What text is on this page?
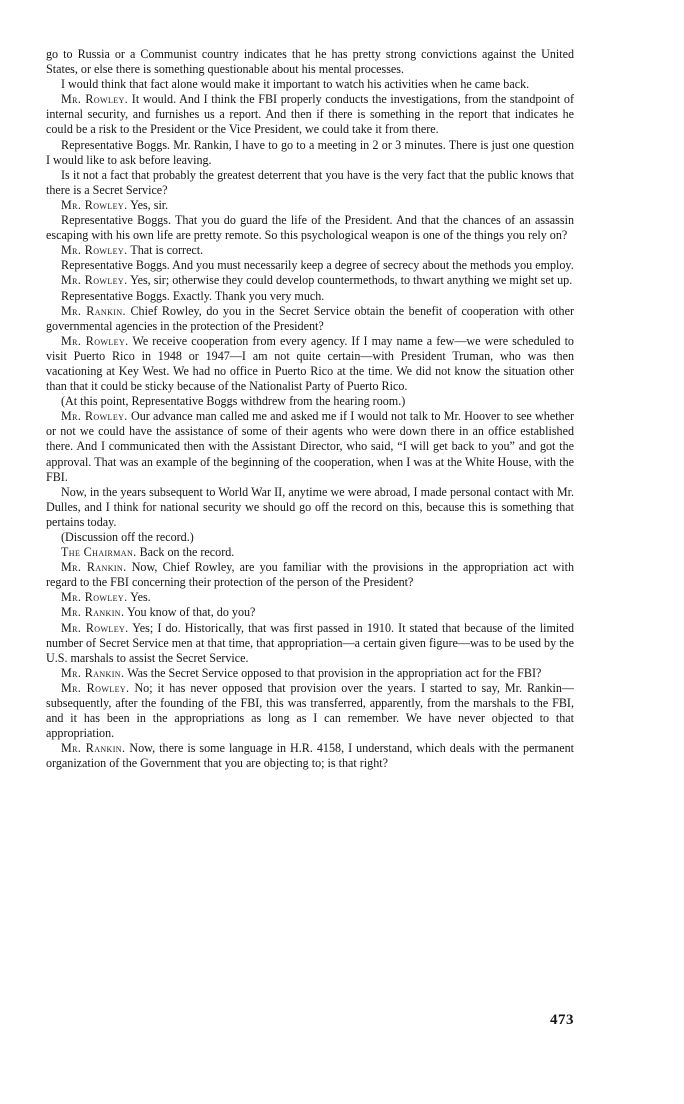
go to Russia or a Communist country indicates that he has pretty strong convictions against the United States, or else there is something questionable about his mental processes.

I would think that fact alone would make it important to watch his activities when he came back.

Mr. Rowley. It would. And I think the FBI properly conducts the investigations, from the standpoint of internal security, and furnishes us a report. And then if there is something in the report that indicates he could be a risk to the President or the Vice President, we could take it from there.

Representative Boggs. Mr. Rankin, I have to go to a meeting in 2 or 3 minutes. There is just one question I would like to ask before leaving.

Is it not a fact that probably the greatest deterrent that you have is the very fact that the public knows that there is a Secret Service?

Mr. Rowley. Yes, sir.

Representative Boggs. That you do guard the life of the President. And that the chances of an assassin escaping with his own life are pretty remote. So this psychological weapon is one of the things you rely on?

Mr. Rowley. That is correct.

Representative Boggs. And you must necessarily keep a degree of secrecy about the methods you employ.

Mr. Rowley. Yes, sir; otherwise they could develop countermethods, to thwart anything we might set up.

Representative Boggs. Exactly. Thank you very much.

Mr. Rankin. Chief Rowley, do you in the Secret Service obtain the benefit of cooperation with other governmental agencies in the protection of the President?

Mr. Rowley. We receive cooperation from every agency. If I may name a few—we were scheduled to visit Puerto Rico in 1948 or 1947—I am not quite certain—with President Truman, who was then vacationing at Key West. We had no office in Puerto Rico at the time. We did not know the situation other than that it could be sticky because of the Nationalist Party of Puerto Rico.

(At this point, Representative Boggs withdrew from the hearing room.)

Mr. Rowley. Our advance man called me and asked me if I would not talk to Mr. Hoover to see whether or not we could have the assistance of some of their agents who were down there in an office established there. And I communicated then with the Assistant Director, who said, “I will get back to you” and got the approval. That was an example of the beginning of the cooperation, when I was at the White House, with the FBI.

Now, in the years subsequent to World War II, anytime we were abroad, I made personal contact with Mr. Dulles, and I think for national security we should go off the record on this, because this is something that pertains today.

(Discussion off the record.)

The Chairman. Back on the record.

Mr. Rankin. Now, Chief Rowley, are you familiar with the provisions in the appropriation act with regard to the FBI concerning their protection of the person of the President?

Mr. Rowley. Yes.

Mr. Rankin. You know of that, do you?

Mr. Rowley. Yes; I do. Historically, that was first passed in 1910. It stated that because of the limited number of Secret Service men at that time, that appropriation—a certain given figure—was to be used by the U.S. marshals to assist the Secret Service.

Mr. Rankin. Was the Secret Service opposed to that provision in the appropriation act for the FBI?

Mr. Rowley. No; it has never opposed that provision over the years. I started to say, Mr. Rankin—subsequently, after the founding of the FBI, this was transferred, apparently, from the marshals to the FBI, and it has been in the appropriations as long as I can remember. We have never objected to that appropriation.

Mr. Rankin. Now, there is some language in H.R. 4158, I understand, which deals with the permanent organization of the Government that you are objecting to; is that right?

473
